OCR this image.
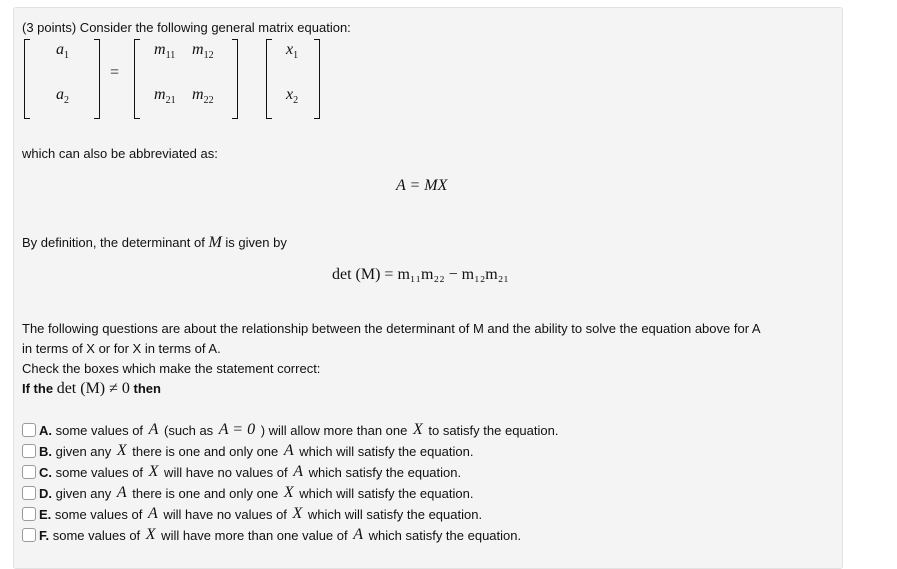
(3 points) Consider the following general matrix equation:
$a_1$
$a_2$
=
$m_{11}$ $m_{12}$
$m_{21}$ $m_{22}$
$x_1$
$x_2$
which can also be abbreviated as:
A = MX
By definition, the determinant of M is given by
det (M) = m₁₁m₂₂ − m₁₂m₂₁
The following questions are about the relationship between the determinant of M and the ability to solve the equation above for A
in terms of X or for X in terms of A.
Check the boxes which make the statement correct:
If the det (M) ≠ 0 then
A. some values of A (such as A = 0 ) will allow more than one X to satisfy the equation.
B. given any X there is one and only one A which will satisfy the equation.
C. some values of X will have no values of A which satisfy the equation.
D. given any A there is one and only one X which will satisfy the equation.
E. some values of A will have no values of X which will satisfy the equation.
F. some values of X will have more than one value of A which satisfy the equation.
